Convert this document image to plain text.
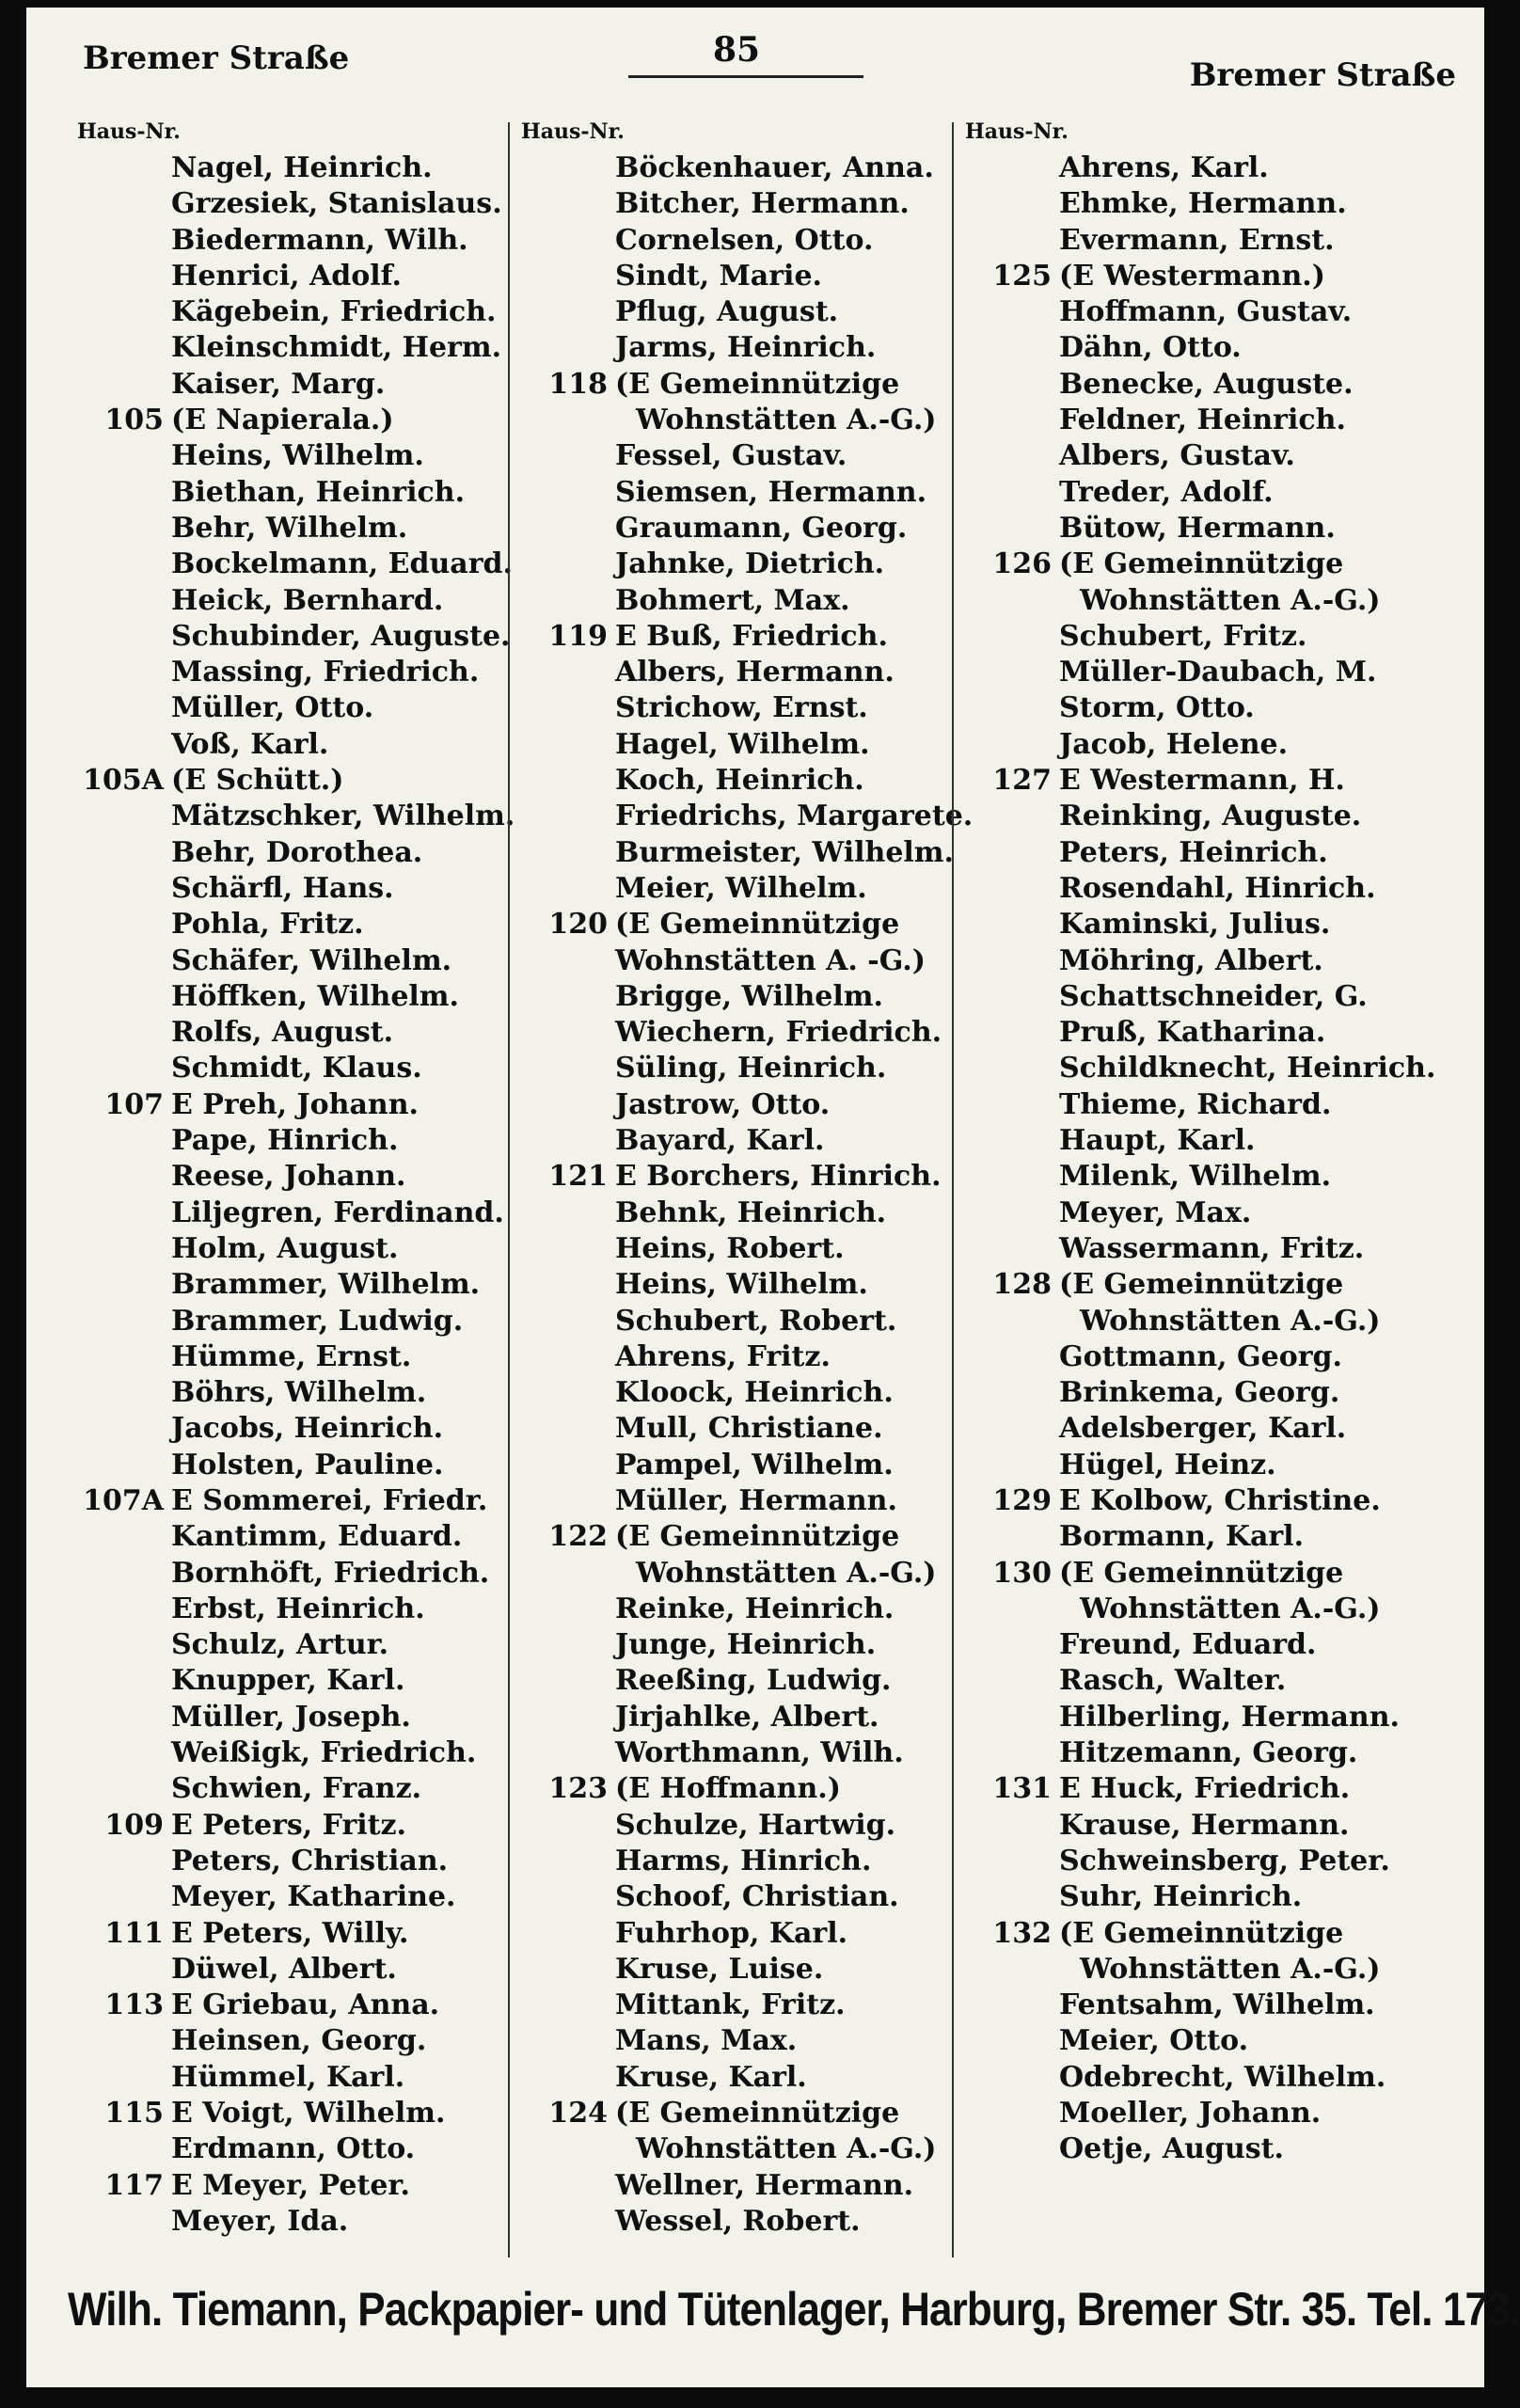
Bremer Straße	85
Bremer Straße
Haus-Nr.
Nagel, Heinrich.
Grzesiek, Stanislaus.
Biedermann, Wilh.
Henrici, Adolf.
Kägebein, Friedrich.
Kleinschmidt, Herm.
Kaiser, Marg.
105 (E Napierala.)
Heins, Wilhelm.
Biethan, Heinrich.
Behr, Wilhelm.
Bockelmann, Eduard.
Heick, Bernhard.
Schubinder, Auguste.
Massing, Friedrich.
Müller, Otto.
Voß, Karl.
105A (E Schütt.)
Mätzschker, Wilhelm.
Behr, Dorothea.
Schärfl, Hans.
Pohla, Fritz.
Schäfer, Wilhelm.
Höffken, Wilhelm.
Rolfs, August.
Schmidt, Klaus.
107 E Preh, Johann.
Pape, Hinrich.
Reese, Johann.
Liljegren, Ferdinand.
Holm, August.
Brammer, Wilhelm.
Brammer, Ludwig.
Hümme, Ernst.
Böhrs, Wilhelm.
Jacobs, Heinrich.
Holsten, Pauline.
107A E Sommerei, Friedr.
Kantimm, Eduard.
Bornhöft, Friedrich.
Erbst, Heinrich.
Schulz, Artur.
Knupper, Karl.
Müller, Joseph.
Weißigk, Friedrich.
Schwien, Franz.
109 E Peters, Fritz.
Peters, Christian.
Meyer, Katharine.
111 E Peters, Willy.
Düwel, Albert.
113 E Griebau, Anna.
Heinsen, Georg.
Hümmel, Karl.
115 E Voigt, Wilhelm.
Erdmann, Otto.
117 E Meyer, Peter.
Meyer, Ida.
Haus-Nr.
Böckenhauer, Anna.
Bitcher, Hermann.
Cornelsen, Otto.
Sindt, Marie.
Pflug, August.
Jarms, Heinrich.
118 (E Gemeinnützige
Wohnstätten A.-G.)
Fessel, Gustav.
Siemsen, Hermann.
Graumann, Georg.
Jahnke, Dietrich.
Bohmert, Max.
119 E Buß, Friedrich.
Albers, Hermann.
Strichow, Ernst.
Hagel, Wilhelm.
Koch, Heinrich.
Friedrichs, Margarete.
Burmeister, Wilhelm.
Meier, Wilhelm.
120 (E Gemeinnützige
Wohnstätten A. -G.)
Brigge, Wilhelm.
Wiechern, Friedrich.
Süling, Heinrich.
Jastrow, Otto.
Bayard, Karl.
121 E Borchers, Hinrich.
Behnk, Heinrich.
Heins, Robert.
Heins, Wilhelm.
Schubert, Robert.
Ahrens, Fritz.
Kloock, Heinrich.
Mull, Christiane.
Pampel, Wilhelm.
Müller, Hermann.
122 (E Gemeinnützige
Wohnstätten A.-G.)
Reinke, Heinrich.
Junge, Heinrich.
Reeßing, Ludwig.
Jirjahlke, Albert.
Worthmann, Wilh.
123 (E Hoffmann.)
Schulze, Hartwig.
Harms, Hinrich.
Schoof, Christian.
Fuhrhop, Karl.
Kruse, Luise.
Mittank, Fritz.
Mans, Max.
Kruse, Karl.
124 (E Gemeinnützige
Wohnstätten A.-G.)
Wellner, Hermann.
Wessel, Robert.
Haus-Nr.
Ahrens, Karl.
Ehmke, Hermann.
Evermann, Ernst.
125 (E Westermann.)
Hoffmann, Gustav.
Dähn, Otto.
Benecke, Auguste.
Feldner, Heinrich.
Albers, Gustav.
Treder, Adolf.
Bütow, Hermann.
126 (E Gemeinnützige
Wohnstätten A.-G.)
Schubert, Fritz.
Müller-Daubach, M.
Storm, Otto.
Jacob, Helene.
127 E Westermann, H.
Reinking, Auguste.
Peters, Heinrich.
Rosendahl, Hinrich.
Kaminski, Julius.
Möhring, Albert.
Schattschneider, G.
Pruß, Katharina.
Schildknecht, Heinrich.
Thieme, Richard.
Haupt, Karl.
Milenk, Wilhelm.
Meyer, Max.
Wassermann, Fritz.
128 (E Gemeinnützige
Wohnstätten A.-G.)
Gottmann, Georg.
Brinkema, Georg.
Adelsberger, Karl.
Hügel, Heinz.
129 E Kolbow, Christine.
Bormann, Karl.
130 (E Gemeinnützige
Wohnstätten A.-G.)
Freund, Eduard.
Rasch, Walter.
Hilberling, Hermann.
Hitzemann, Georg.
131 E Huck, Friedrich.
Krause, Hermann.
Schweinsberg, Peter.
Suhr, Heinrich.
132 (E Gemeinnützige
Wohnstätten A.-G.)
Fentsahm, Wilhelm.
Meier, Otto.
Odebrecht, Wilhelm.
Moeller, Johann.
Oetje, August.
Wilh. Tiemann, Packpapier- und Tütenlager, Harburg, Bremer Str. 35. Tel. 173.
